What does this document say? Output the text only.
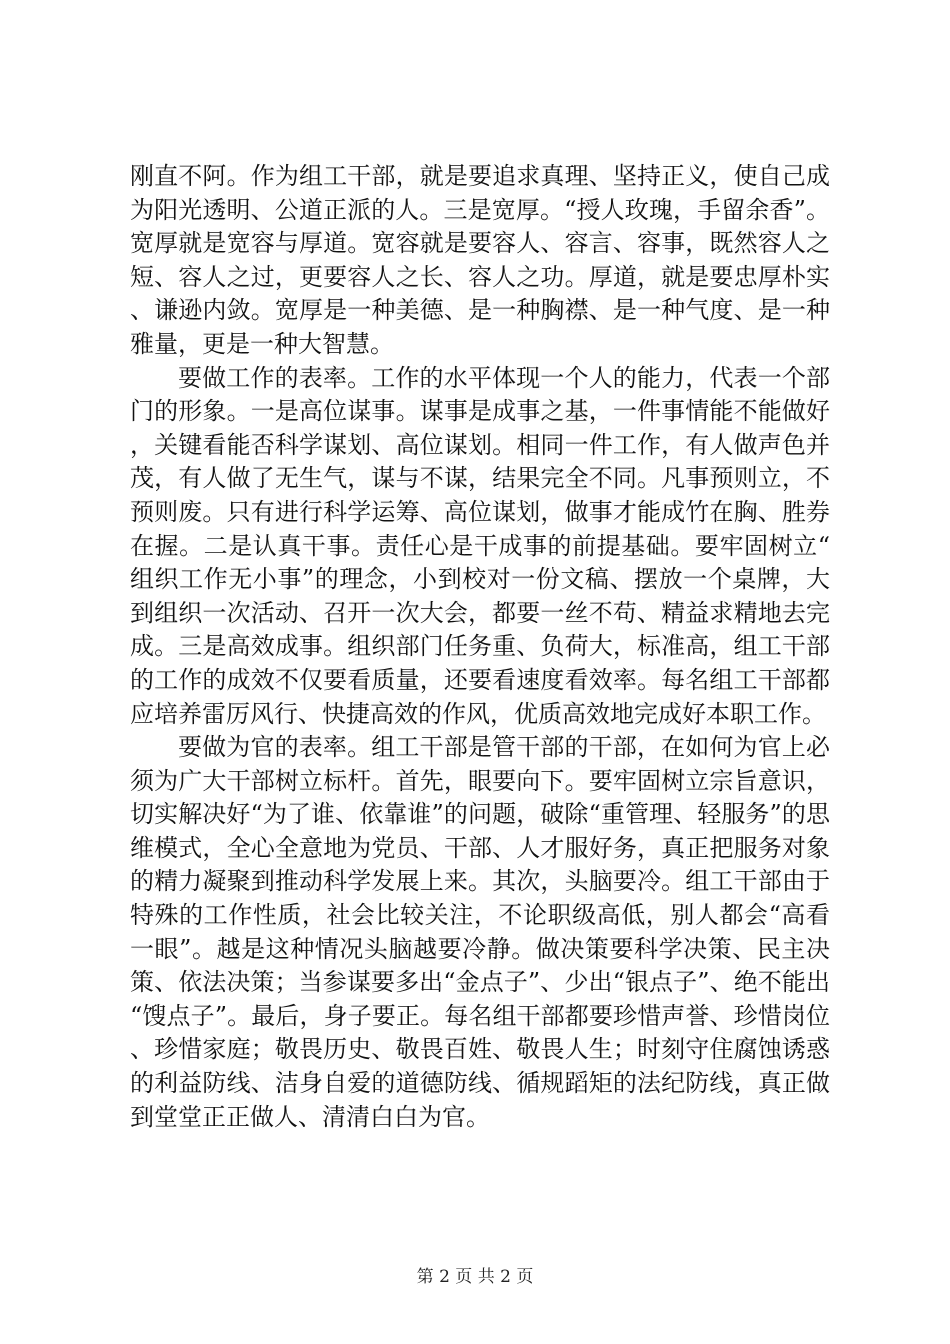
刚直不阿。作为组工干部，就是要追求真理、坚持正义，使自己成为阳光透明、公道正派的人。三是宽厚。“授人玫瑰，手留余香”。宽厚就是宽容与厚道。宽容就是要容人、容言、容事，既然容人之短、容人之过，更要容人之长、容人之功。厚道，就是要忠厚朴实、谦逊内敛。宽厚是一种美德、是一种胸襟、是一种气度、是一种雅量，更是一种大智慧。

要做工作的表率。工作的水平体现一个人的能力，代表一个部门的形象。一是高位谋事。谋事是成事之基，一件事情能不能做好，关键看能否科学谋划、高位谋划。相同一件工作，有人做声色并茂，有人做了无生气，谋与不谋，结果完全不同。凡事预则立，不预则废。只有进行科学运筹、高位谋划，做事才能成竹在胸、胜券在握。二是认真干事。责任心是干成事的前提基础。要牢固树立“组织工作无小事”的理念，小到校对一份文稿、摆放一个桌牌，大到组织一次活动、召开一次大会，都要一丝不苟、精益求精地去完成。三是高效成事。组织部门任务重、负荷大，标准高，组工干部的工作的成效不仅要看质量，还要看速度看效率。每名组工干部都应培养雷厉风行、快捷高效的作风，优质高效地完成好本职工作。

要做为官的表率。组工干部是管干部的干部，在如何为官上必须为广大干部树立标杆。首先，眼要向下。要牢固树立宗旨意识，切实解决好“为了谁、依靠谁”的问题，破除“重管理、轻服务”的思维模式，全心全意地为党员、干部、人才服好务，真正把服务对象的精力凝聚到推动科学发展上来。其次，头脑要冷。组工干部由于特殊的工作性质，社会比较关注，不论职级高低，别人都会“高看一眼”。越是这种情况头脑越要冷静。做决策要科学决策、民主决策、依法决策；当参谋要多出“金点子”、少出“银点子”、绝不能出“馊点子”。最后，身子要正。每名组干部都要珍惜声誉、珍惜岗位、珍惜家庭；敬畏历史、敬畏百姓、敬畏人生；时刻守住腐蚀诱惑的利益防线、洁身自爱的道德防线、循规蹈矩的法纪防线，真正做到堂堂正正做人、清清白白为官。

第 2 页 共 2 页
